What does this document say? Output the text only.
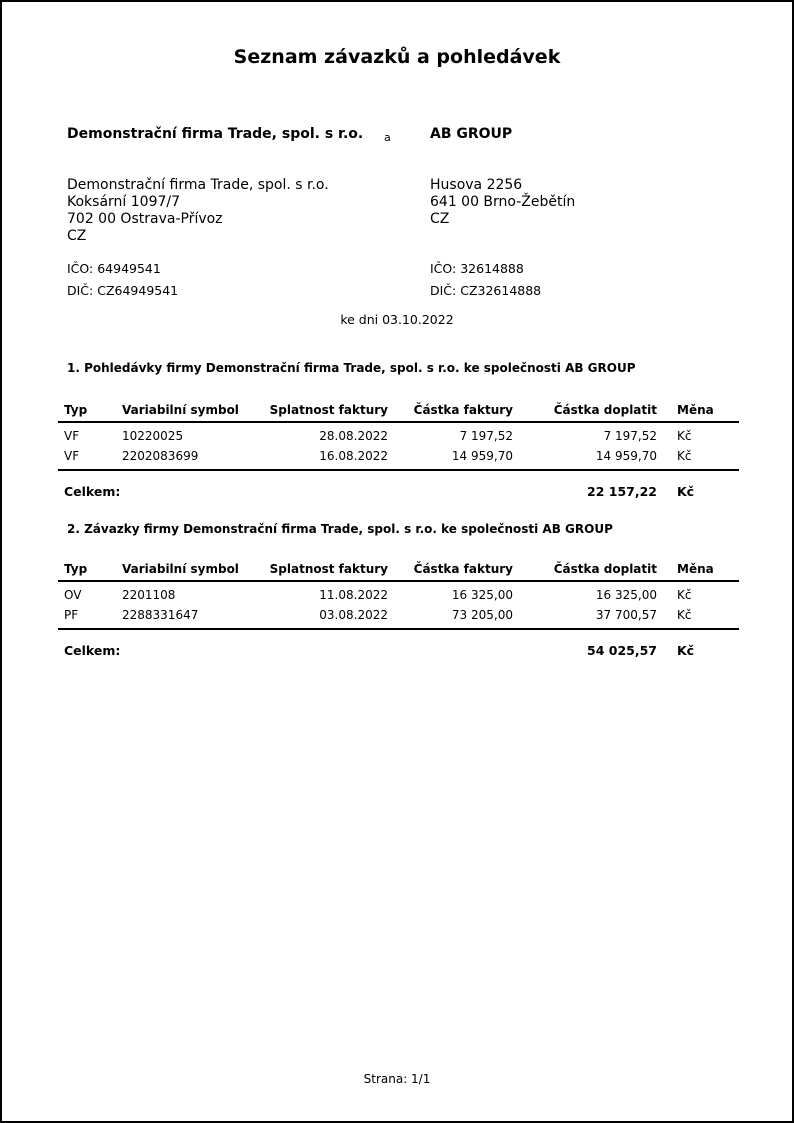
Seznam závazků a pohledávek
Demonstrační firma Trade, spol. s r.o.
Demonstrační firma Trade, spol. s r.o.
Koksární 1097/7
702 00 Ostrava-Přívoz
CZ
a	AB GROUP
Husova 2256
641 00 Brno-Žebětín
CZ
IČO: 64949541
DIČ: CZ64949541
IČO: 32614888
DIČ: CZ32614888
ke dni 03.10.2022
1. Pohledávky firmy Demonstrační firma Trade, spol. s r.o. ke společnosti AB GROUP
Typ	Variabilní symbol	Splatnost faktury	Částka faktury	Částka doplatit	Měna
VF	10220025	28.08.2022	7 197,52	7 197,52	Kč
VF	2202083699	16.08.2022	14 959,70	14 959,70	Kč
Celkem:				22 157,22	Kč
2. Závazky firmy Demonstrační firma Trade, spol. s r.o. ke společnosti AB GROUP
Typ	Variabilní symbol	Splatnost faktury	Částka faktury	Částka doplatit	Měna
OV	2201108	11.08.2022	16 325,00	16 325,00	Kč
PF	2288331647	03.08.2022	73 205,00	37 700,57	Kč
Celkem:				54 025,57	Kč
Strana: 1/1
